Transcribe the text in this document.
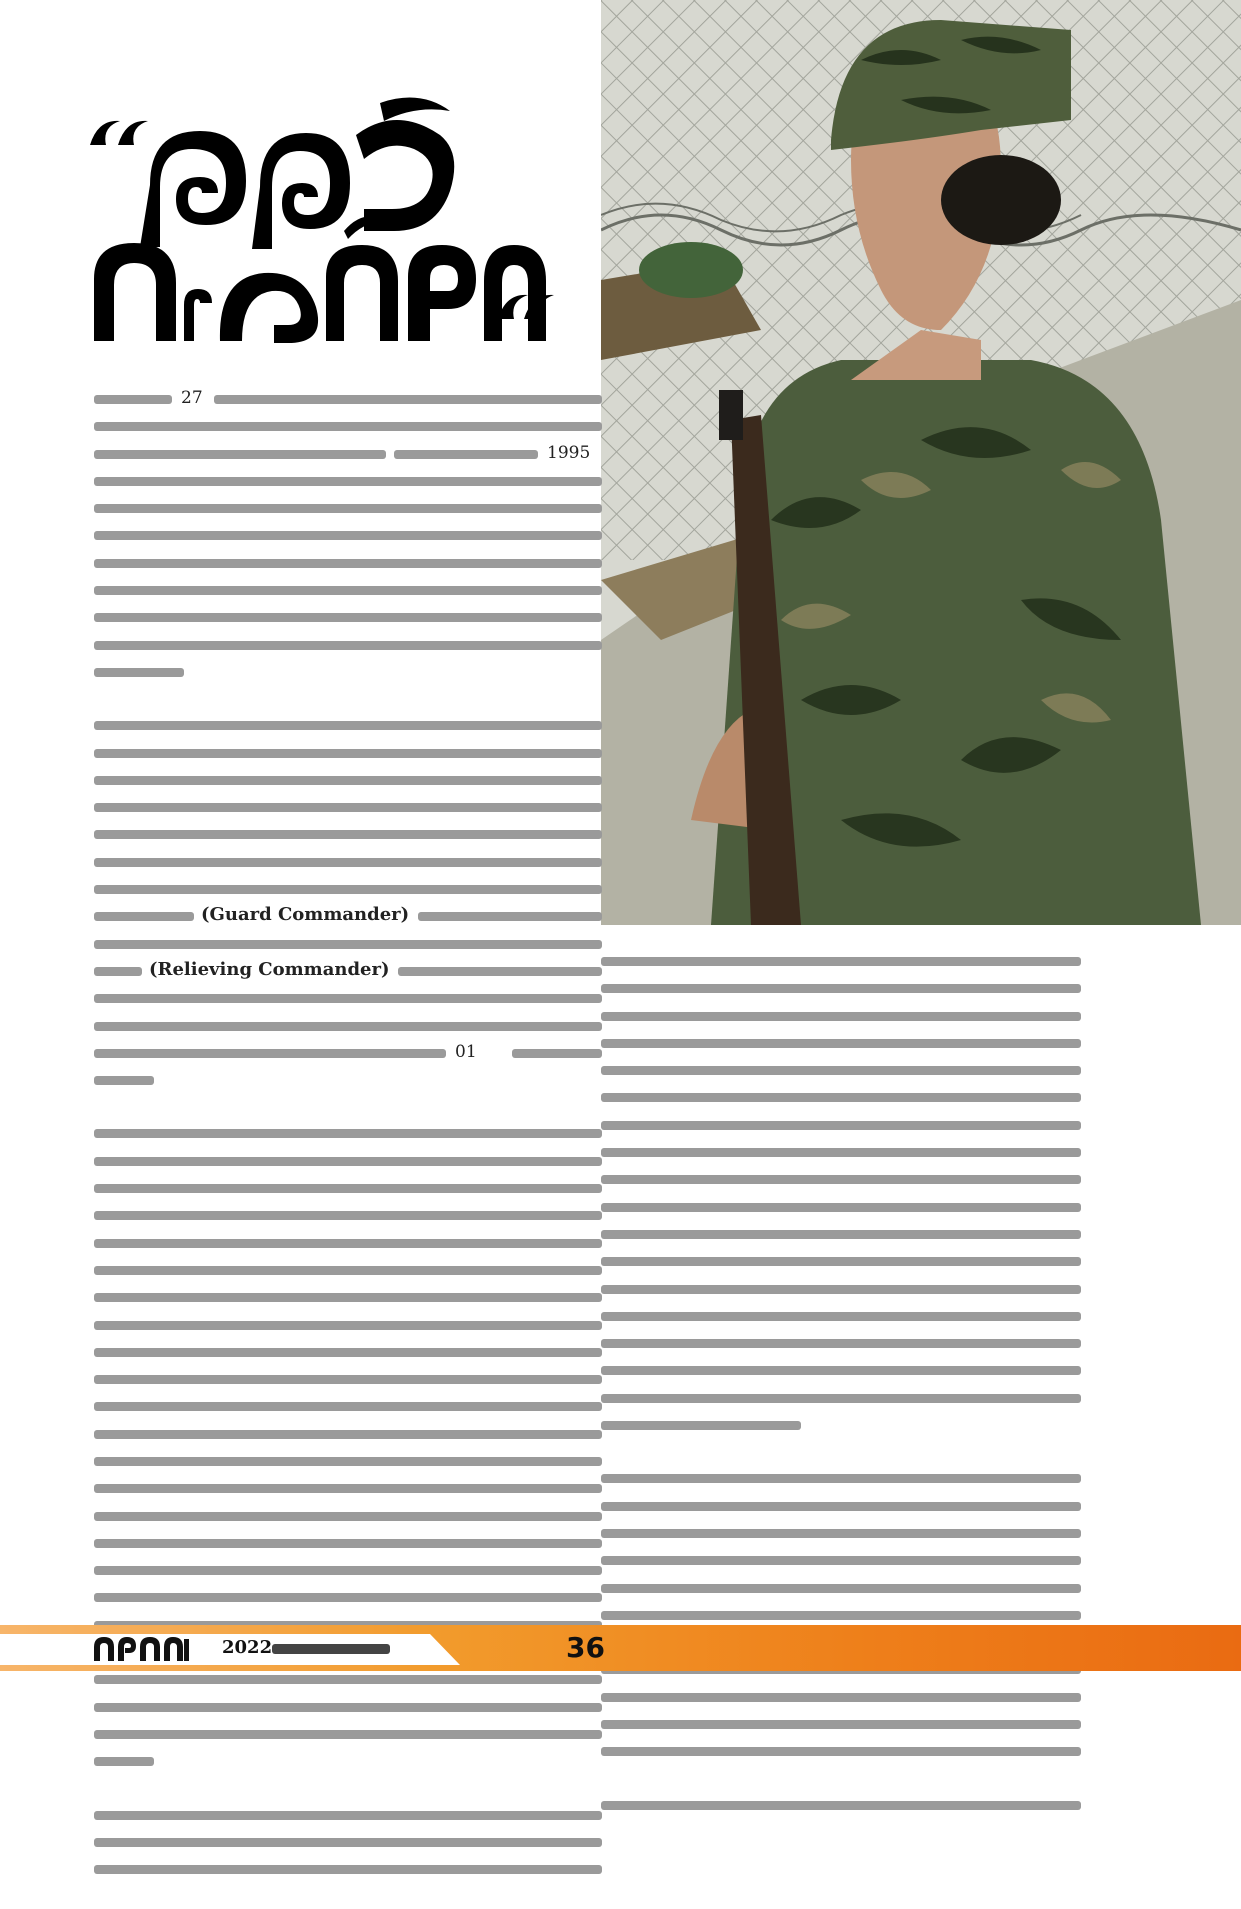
27
1995
(Guard Commander)
(Relieving Commander)
01
2022	36
